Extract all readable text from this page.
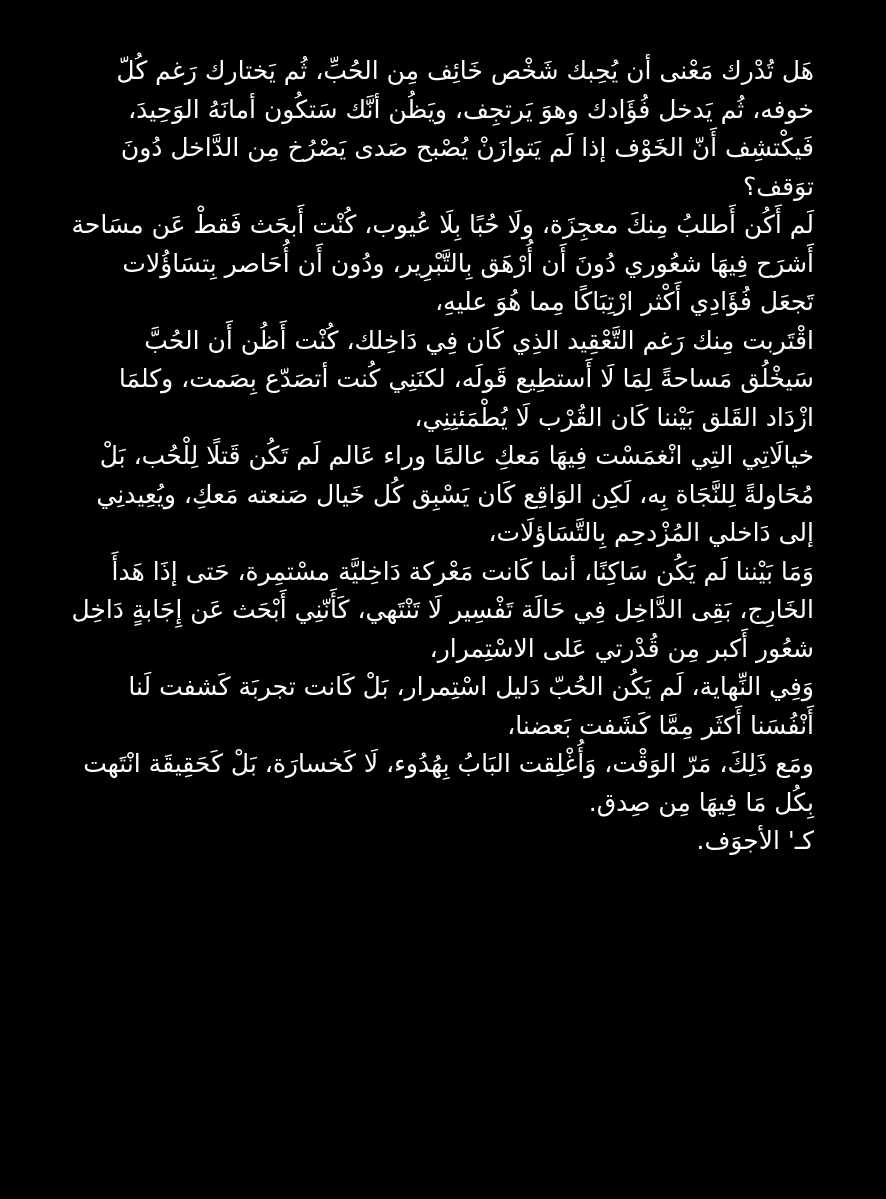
هَل تُدْرك مَعْنى أن يُحِبك شَخْص خَائِف مِن الحُبِّ، ثُم يَختارك رَغم كُلّ خوفه، ثُم يَدخل فُؤَادك وهوَ يَرتجِف، ويَظُن أنَّك سَتكُون أمانَهُ الوَحِيدَ، فَيكْتشِف أَنّ الخَوْف إذا لَم يَتوازَنْ يُصْبح صَدى يَصْرُخ مِن الدَّاخل دُونَ توَقف؟

لَم أَكُن أَطلبُ مِنكَ معجِزَة، ولَا حُبًا بِلَا عُيوب، كُنْت أَبحَث فَقطْ عَن مسَاحة أَشرَح فِيهَا شعُوري دُونَ أَن أُرْهَق بِالتَّبْرِير، ودُون أَن أُحَاصر بِتسَاؤُلات تَجعَل فُؤَادِي أَكْثر ارْتِبَاكًا مِما هُوَ عليهِ،

اقْتَربت مِنك رَغم التَّعْقِيد الذِي كَان فِي دَاخِلك، كُنْت أَظُن أَن الحُبَّ سَيخْلُق مَساحةً لِمَا لَا أَستطِيع قَولَه، لكنَنِي كُنت أتصَدّع بِصَمت، وكلمَا ازْدَاد القَلق بَيْننا كَان القُرْب لَا يُطْمَئنِنِي،

خيالَاتِي التِي انْغمَسْت فِيهَا مَعكِ عالمًا وراء عَالم لَم تَكُن قَتلًا لِلْحُب، بَلْ مُحَاولةً لِلنَّجَاة بِه، لَكِن الوَاقِع كَان يَسْبِق كُل خَيال صَنعته مَعكِ، ويُعِيدنِي إلى دَاخلي المُزْدحِم بِالتَّسَاؤلَات،

وَمَا بَيْننا لَم يَكُن سَاكِنًا، أنما كَانت مَعْركة دَاخِليَّة مسْتمِرة، حَتى إذَا هَدأَ الخَارِج، بَقِى الدَّاخِل فِي حَالَة تَفْسِير لَا تَنْتَهي، كَأَنّنِي أَبْحَث عَن إِجَابةٍ دَاخِل شعُور أَكبر مِن قُدْرتي عَلى الاسْتِمرار،

وَفِي النِّهاية، لَم يَكُن الحُبّ دَليل اسْتِمرار، بَلْ كَانت تجربَة كَشفت لَنا أَنْفُسَنا أَكثَر مِمَّا كَشَفت بَعضنا،

ومَع ذَلِكَ، مَرّ الوَقْت، وَأُغْلِقت البَابُ بِهُدُوء، لَا كَخسارَة، بَلْ كَحَقِيقَة انْتَهت بِكُل مَا فِيهَا مِن صِدق.

كـ' الأجوَف.
